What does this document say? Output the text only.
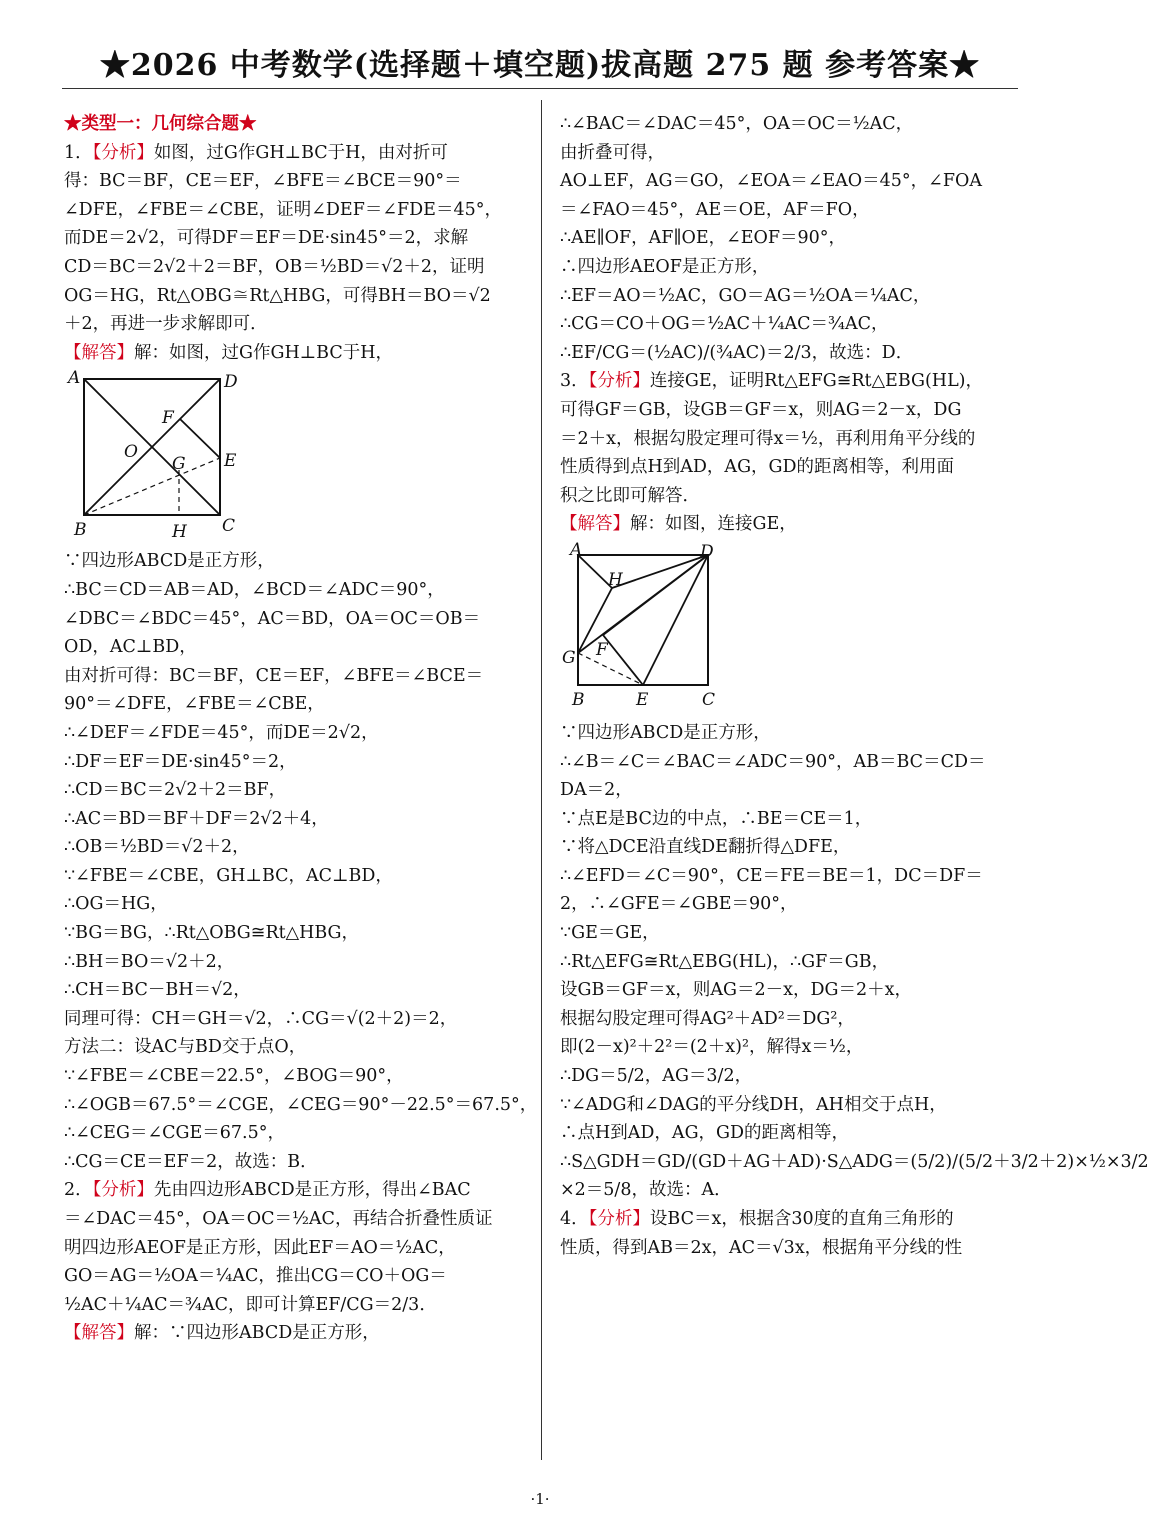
★2026 中考数学(选择题＋填空题)拔高题 275 题 参考答案★
★类型一：几何综合题★
1．【分析】如图，过G作GH⊥BC于H，由对折可
得：BC＝BF，CE＝EF，∠BFE＝∠BCE＝90°＝
∠DFE，∠FBE＝∠CBE，证明∠DEF＝∠FDE＝45°，
而DE＝2√2，可得DF＝EF＝DE·sin45°＝2，求解
CD＝BC＝2√2＋2＝BF，OB＝½BD＝√2＋2，证明
OG＝HG，Rt△OBG≅Rt△HBG，可得BH＝BO＝√2
＋2，再进一步求解即可．
【解答】解：如图，过G作GH⊥BC于H，
A	D
F
O
G E
B	H C
∵四边形ABCD是正方形，
∴BC＝CD＝AB＝AD，∠BCD＝∠ADC＝90°，
∠DBC＝∠BDC＝45°，AC＝BD，OA＝OC＝OB＝
OD，AC⊥BD，
由对折可得：BC＝BF，CE＝EF，∠BFE＝∠BCE＝
90°＝∠DFE，∠FBE＝∠CBE，
∴∠DEF＝∠FDE＝45°，而DE＝2√2，
∴DF＝EF＝DE·sin45°＝2，
∴CD＝BC＝2√2＋2＝BF，
∴AC＝BD＝BF＋DF＝2√2＋4，
∴OB＝½BD＝√2＋2，
∵∠FBE＝∠CBE，GH⊥BC，AC⊥BD，
∴OG＝HG，
∵BG＝BG，∴Rt△OBG≅Rt△HBG，
∴BH＝BO＝√2＋2，
∴CH＝BC－BH＝√2，
同理可得：CH＝GH＝√2，∴CG＝√(2＋2)＝2，
方法二：设AC与BD交于点O，
∵∠FBE＝∠CBE＝22.5°，∠BOG＝90°，
∴∠OGB＝67.5°＝∠CGE，∠CEG＝90°－22.5°＝67.5°，
∴∠CEG＝∠CGE＝67.5°，
∴CG＝CE＝EF＝2，故选：B．
2．【分析】先由四边形ABCD是正方形，得出∠BAC
＝∠DAC＝45°，OA＝OC＝½AC，再结合折叠性质证
明四边形AEOF是正方形，因此EF＝AO＝½AC，
GO＝AG＝½OA＝¼AC，推出CG＝CO＋OG＝
½AC＋¼AC＝¾AC，即可计算EF/CG＝2/3．
【解答】解：∵四边形ABCD是正方形，
∴∠BAC＝∠DAC＝45°，OA＝OC＝½AC，
由折叠可得，
AO⊥EF，AG＝GO，∠EOA＝∠EAO＝45°，∠FOA
＝∠FAO＝45°，AE＝OE，AF＝FO，
∴AE∥OF，AF∥OE，∠EOF＝90°，
∴四边形AEOF是正方形，
∴EF＝AO＝½AC，GO＝AG＝½OA＝¼AC，
∴CG＝CO＋OG＝½AC＋¼AC＝¾AC，
∴EF/CG＝(½AC)/(¾AC)＝2/3，故选：D．
3．【分析】连接GE，证明Rt△EFG≅Rt△EBG(HL)，
可得GF＝GB，设GB＝GF＝x，则AG＝2－x，DG
＝2＋x，根据勾股定理可得x＝½，再利用角平分线的
性质得到点H到AD，AG，GD的距离相等，利用面
积之比即可解答．
【解答】解：如图，连接GE，
A	D
H
G F
B	E	C
∵四边形ABCD是正方形，
∴∠B＝∠C＝∠BAC＝∠ADC＝90°，AB＝BC＝CD＝
DA＝2，
∵点E是BC边的中点，∴BE＝CE＝1，
∵将△DCE沿直线DE翻折得△DFE，
∴∠EFD＝∠C＝90°，CE＝FE＝BE＝1，DC＝DF＝
2，∴∠GFE＝∠GBE＝90°，
∵GE＝GE，
∴Rt△EFG≅Rt△EBG(HL)，∴GF＝GB，
设GB＝GF＝x，则AG＝2－x，DG＝2＋x，
根据勾股定理可得AG²＋AD²＝DG²，
即(2－x)²＋2²＝(2＋x)²，解得x＝½，
∴DG＝5/2，AG＝3/2，
∵∠ADG和∠DAG的平分线DH，AH相交于点H，
∴点H到AD，AG，GD的距离相等，
∴S△GDH＝GD/(GD＋AG＋AD)·S△ADG＝(5/2)/(5/2＋3/2＋2)×½×3/2
×2＝5/8，故选：A．
4．【分析】设BC＝x，根据含30度的直角三角形的
性质，得到AB＝2x，AC＝√3x，根据角平分线的性
·1·
